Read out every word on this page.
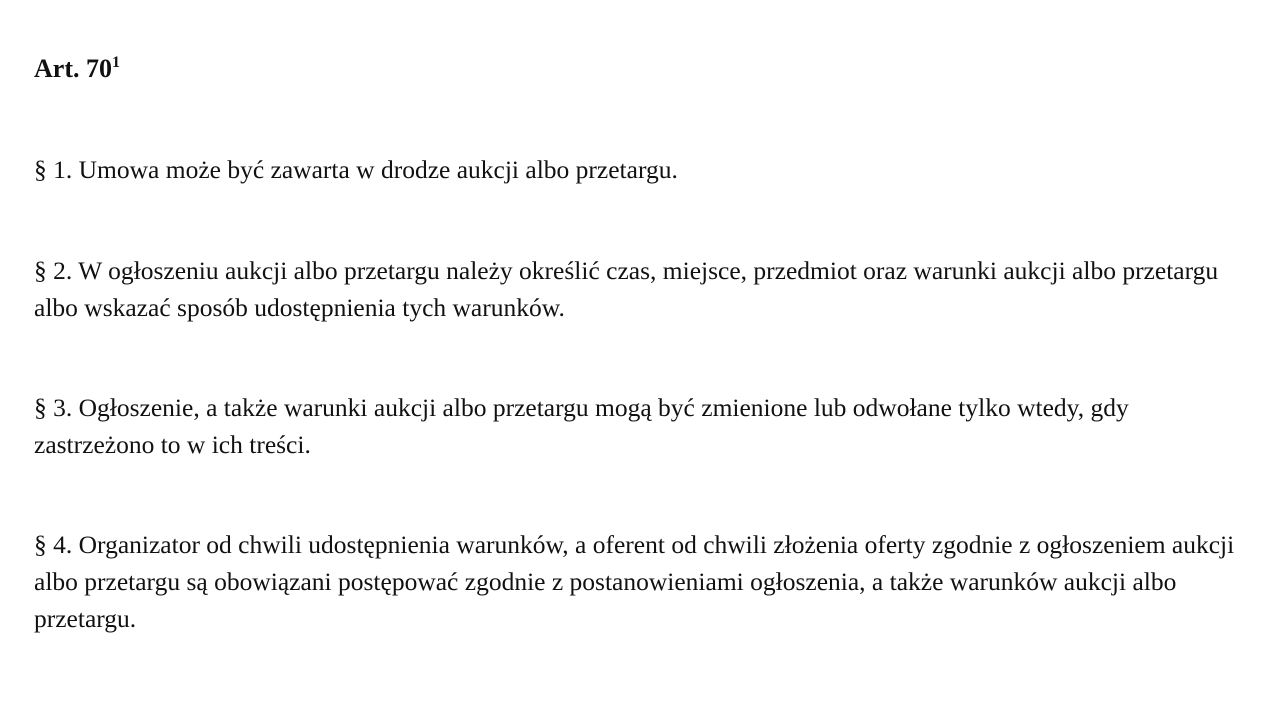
Art. $70^1$

§ 1. Umowa może być zawarta w drodze aukcji albo przetargu.

§ 2. W ogłoszeniu aukcji albo przetargu należy określić czas, miejsce, przedmiot oraz warunki aukcji albo przetargu albo wskazać sposób udostępnienia tych warunków.

§ 3. Ogłoszenie, a także warunki aukcji albo przetargu mogą być zmienione lub odwołane tylko wtedy, gdy zastrzeżono to w ich treści.

§ 4. Organizator od chwili udostępnienia warunków, a oferent od chwili złożenia oferty zgodnie z ogłoszeniem aukcji albo przetargu są obowiązani postępować zgodnie z postanowieniami ogłoszenia, a także warunków aukcji albo przetargu.
